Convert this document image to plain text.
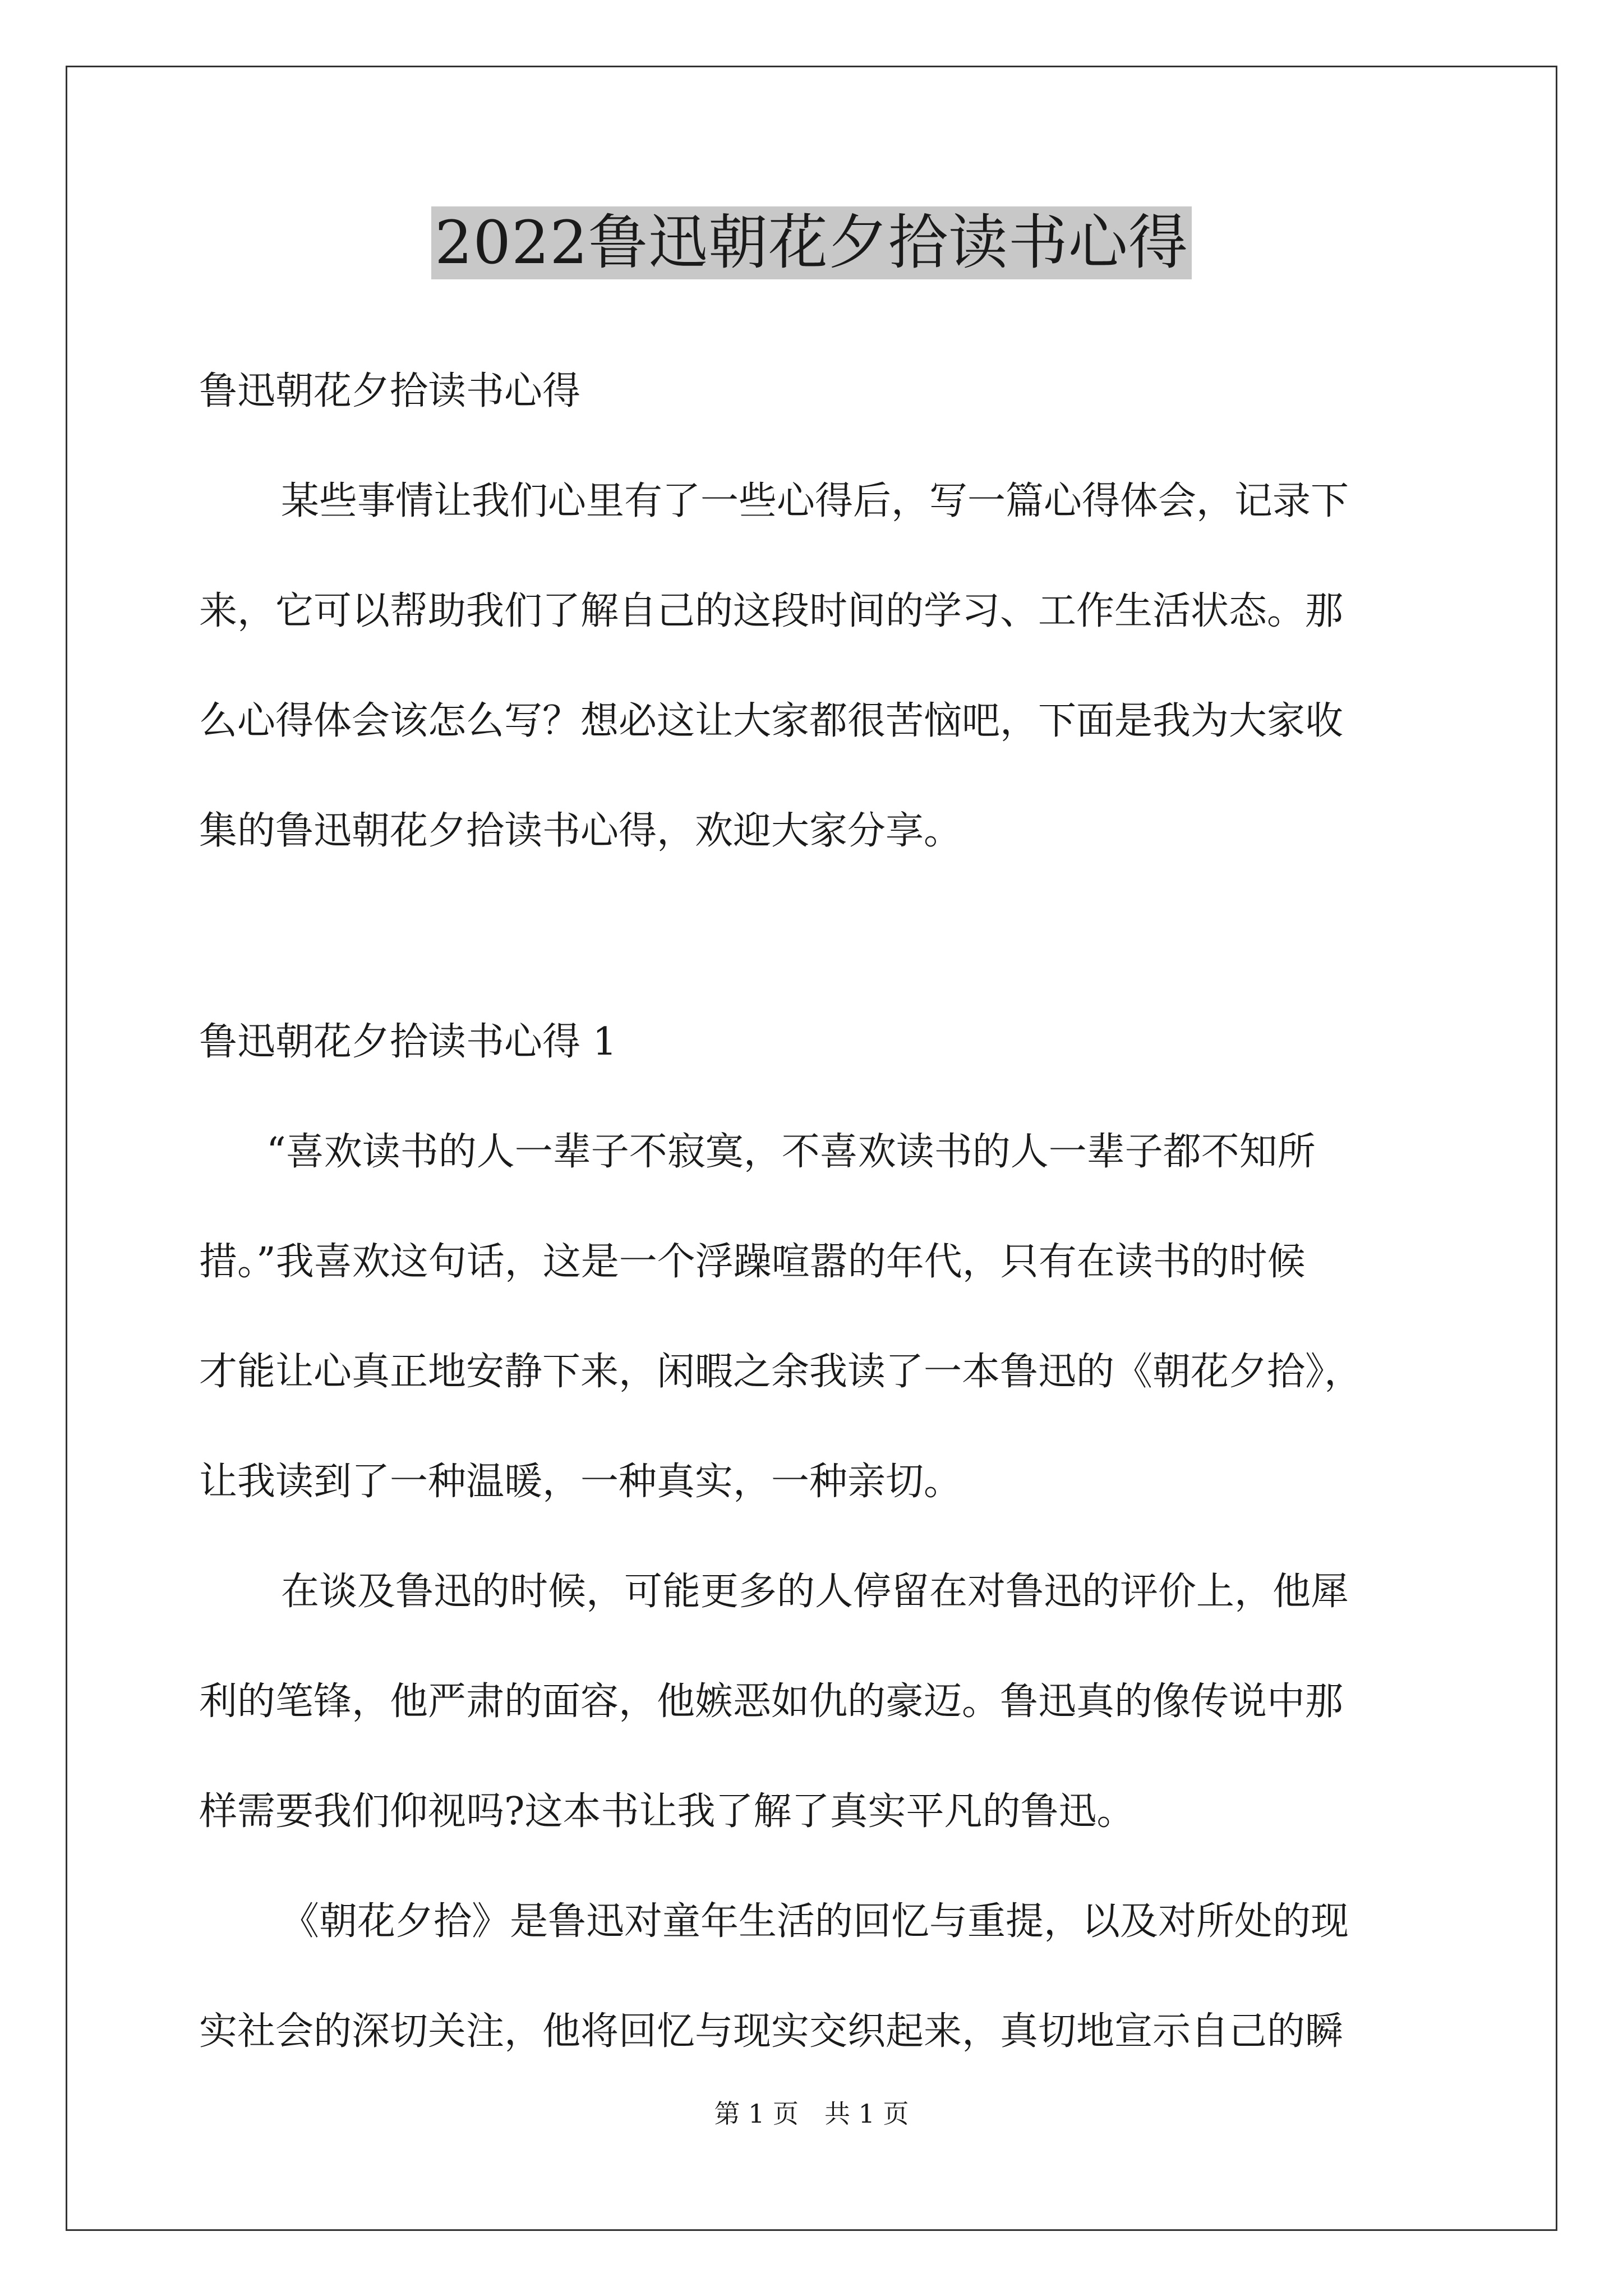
2022鲁迅朝花夕拾读书心得
鲁迅朝花夕拾读书心得
某些事情让我们心里有了一些心得后，写一篇心得体会，记录下
来，它可以帮助我们了解自己的这段时间的学习、工作生活状态。那
么心得体会该怎么写？想必这让大家都很苦恼吧，下面是我为大家收
集的鲁迅朝花夕拾读书心得，欢迎大家分享。
鲁迅朝花夕拾读书心得 1
“喜欢读书的人一辈子不寂寞，不喜欢读书的人一辈子都不知所
措。”我喜欢这句话，这是一个浮躁喧嚣的年代，只有在读书的时候
才能让心真正地安静下来，闲暇之余我读了一本鲁迅的《朝花夕拾》，
让我读到了一种温暖，一种真实，一种亲切。
在谈及鲁迅的时候，可能更多的人停留在对鲁迅的评价上，他犀
利的笔锋，他严肃的面容，他嫉恶如仇的豪迈。鲁迅真的像传说中那
样需要我们仰视吗?这本书让我了解了真实平凡的鲁迅。
《朝花夕拾》是鲁迅对童年生活的回忆与重提，以及对所处的现
实社会的深切关注，他将回忆与现实交织起来，真切地宣示自己的瞬
第 1 页　共 1 页
